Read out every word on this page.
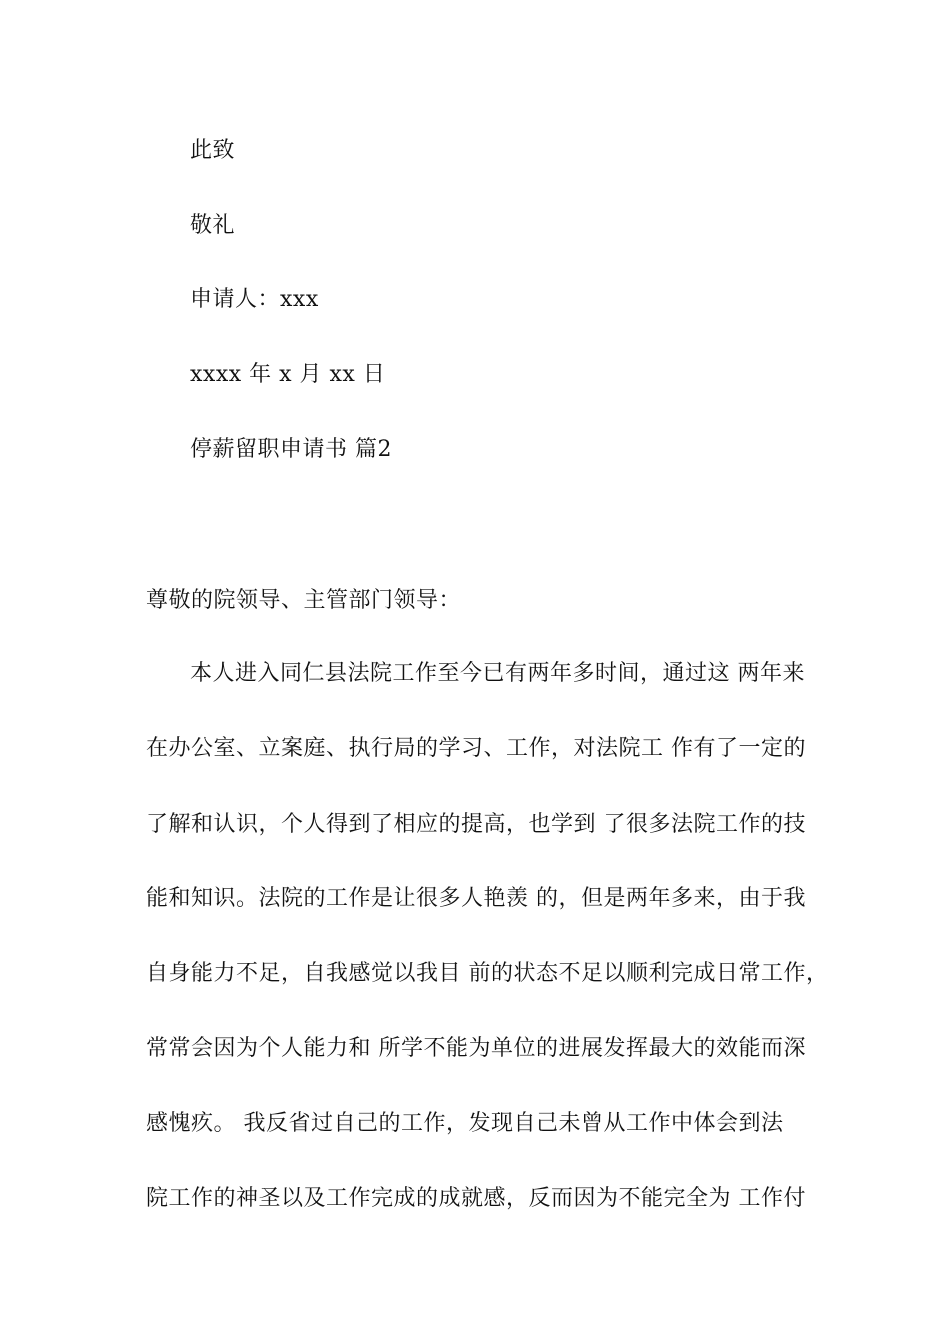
此致
敬礼
申请人：xxx
xxxx 年 x 月 xx 日
停薪留职申请书 篇2
尊敬的院领导、主管部门领导：
本人进入同仁县法院工作至今已有两年多时间，通过这 两年来
在办公室、立案庭、执行局的学习、工作，对法院工 作有了一定的
了解和认识，个人得到了相应的提高，也学到 了很多法院工作的技
能和知识。法院的工作是让很多人艳羡 的，但是两年多来，由于我
自身能力不足，自我感觉以我目 前的状态不足以顺利完成日常工作，
常常会因为个人能力和 所学不能为单位的进展发挥最大的效能而深
感愧疚。 我反省过自己的工作，发现自己未曾从工作中体会到法
院工作的神圣以及工作完成的成就感，反而因为不能完全为 工作付
